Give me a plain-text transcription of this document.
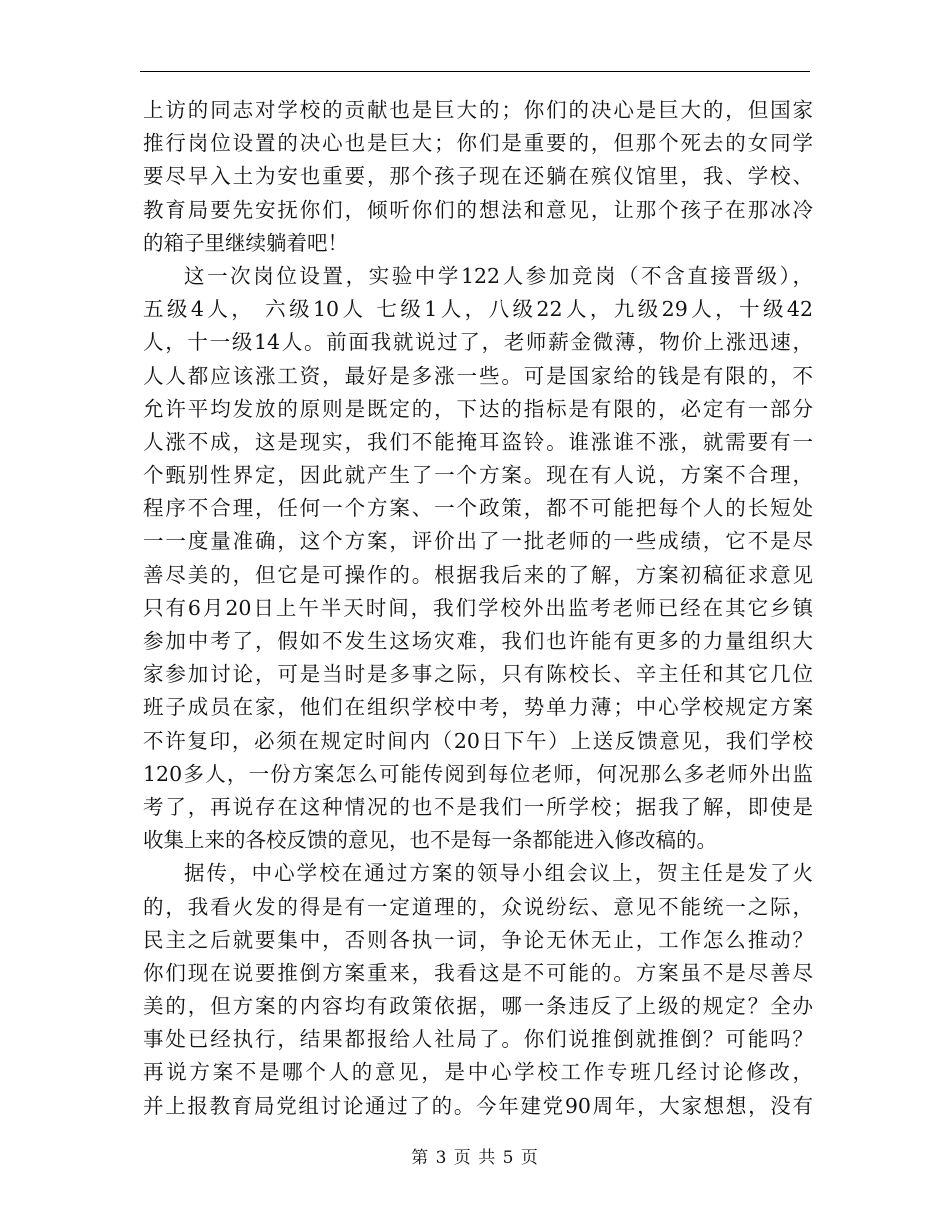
上访的同志对学校的贡献也是巨大的；你们的决心是巨大的，但国家
推行岗位设置的决心也是巨大；你们是重要的，但那个死去的女同学
要尽早入土为安也重要，那个孩子现在还躺在殡仪馆里，我、学校、
教育局要先安抚你们，倾听你们的想法和意见，让那个孩子在那冰冷
的箱子里继续躺着吧！
这一次岗位设置，实验中学122人参加竞岗（不含直接晋级），
五级4人， 六级10人 七级1人，八级22人，九级29人，十级42
人，十一级14人。前面我就说过了，老师薪金微薄，物价上涨迅速，
人人都应该涨工资，最好是多涨一些。可是国家给的钱是有限的，不
允许平均发放的原则是既定的，下达的指标是有限的，必定有一部分
人涨不成，这是现实，我们不能掩耳盗铃。谁涨谁不涨，就需要有一
个甄别性界定，因此就产生了一个方案。现在有人说，方案不合理，
程序不合理，任何一个方案、一个政策，都不可能把每个人的长短处
一一度量准确，这个方案，评价出了一批老师的一些成绩，它不是尽
善尽美的，但它是可操作的。根据我后来的了解，方案初稿征求意见
只有6月20日上午半天时间，我们学校外出监考老师已经在其它乡镇
参加中考了，假如不发生这场灾难，我们也许能有更多的力量组织大
家参加讨论，可是当时是多事之际，只有陈校长、辛主任和其它几位
班子成员在家，他们在组织学校中考，势单力薄；中心学校规定方案
不许复印，必须在规定时间内（20日下午）上送反馈意见，我们学校
120多人，一份方案怎么可能传阅到每位老师，何况那么多老师外出监
考了，再说存在这种情况的也不是我们一所学校；据我了解，即使是
收集上来的各校反馈的意见，也不是每一条都能进入修改稿的。
据传，中心学校在通过方案的领导小组会议上，贺主任是发了火
的，我看火发的得是有一定道理的，众说纷纭、意见不能统一之际，
民主之后就要集中，否则各执一词，争论无休无止，工作怎么推动？
你们现在说要推倒方案重来，我看这是不可能的。方案虽不是尽善尽
美的，但方案的内容均有政策依据，哪一条违反了上级的规定？全办
事处已经执行，结果都报给人社局了。你们说推倒就推倒？可能吗？
再说方案不是哪个人的意见，是中心学校工作专班几经讨论修改，
并上报教育局党组讨论通过了的。今年建党90周年，大家想想，没有
第 3 页 共 5 页
